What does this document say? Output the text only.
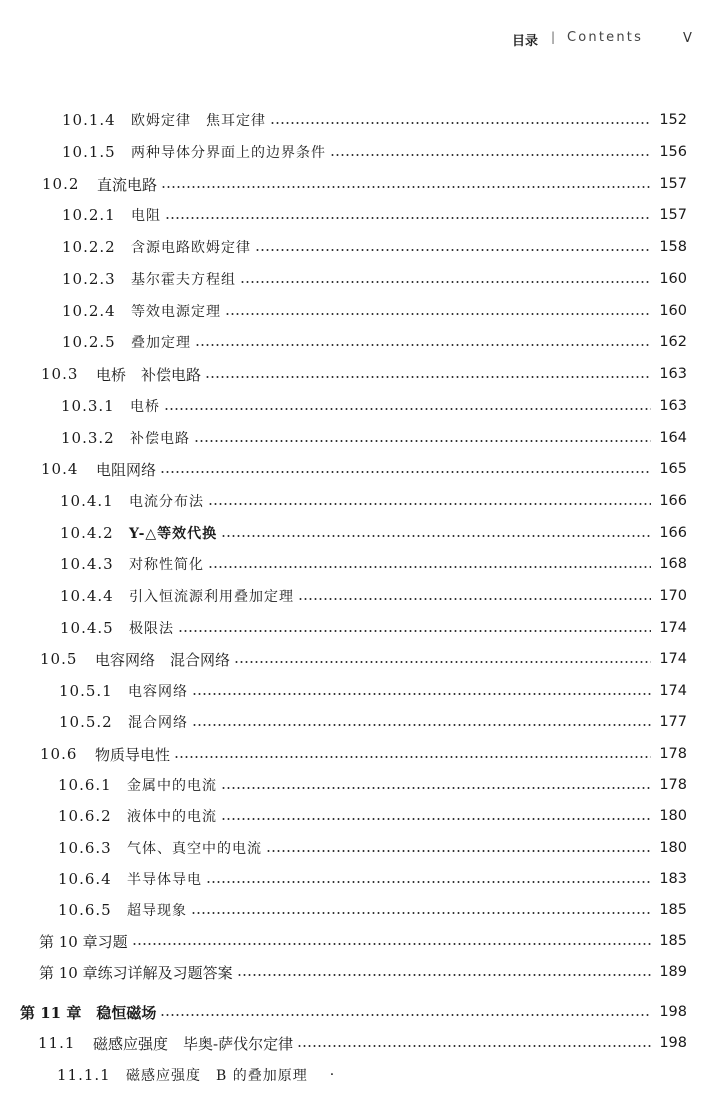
目录 | Contents	V
10.1.4	欧姆定律　焦耳定律	152
10.1.5	两种导体分界面上的边界条件	156
10.2	直流电路	157
10.2.1	电阻	157
10.2.2	含源电路欧姆定律	158
10.2.3	基尔霍夫方程组	160
10.2.4	等效电源定理	160
10.2.5	叠加定理	162
10.3	电桥　补偿电路	163
10.3.1	电桥	163
10.3.2	补偿电路	164
10.4	电阻网络	165
10.4.1	电流分布法	166
10.4.2	Y-△等效代换	166
10.4.3	对称性简化	168
10.4.4	引入恒流源利用叠加定理	170
10.4.5	极限法	174
10.5	电容网络　混合网络	174
10.5.1	电容网络	174
10.5.2	混合网络	177
10.6	物质导电性	178
10.6.1	金属中的电流	178
10.6.2	液体中的电流	180
10.6.3	气体、真空中的电流	180
10.6.4	半导体导电	183
10.6.5	超导现象	185
第 10 章习题	185
第 10 章练习详解及习题答案	189
第 11 章　稳恒磁场	198
11.1	磁感应强度　毕奥-萨伐尔定律	198
11.1.1	磁感应强度　B 的叠加原理 ·
